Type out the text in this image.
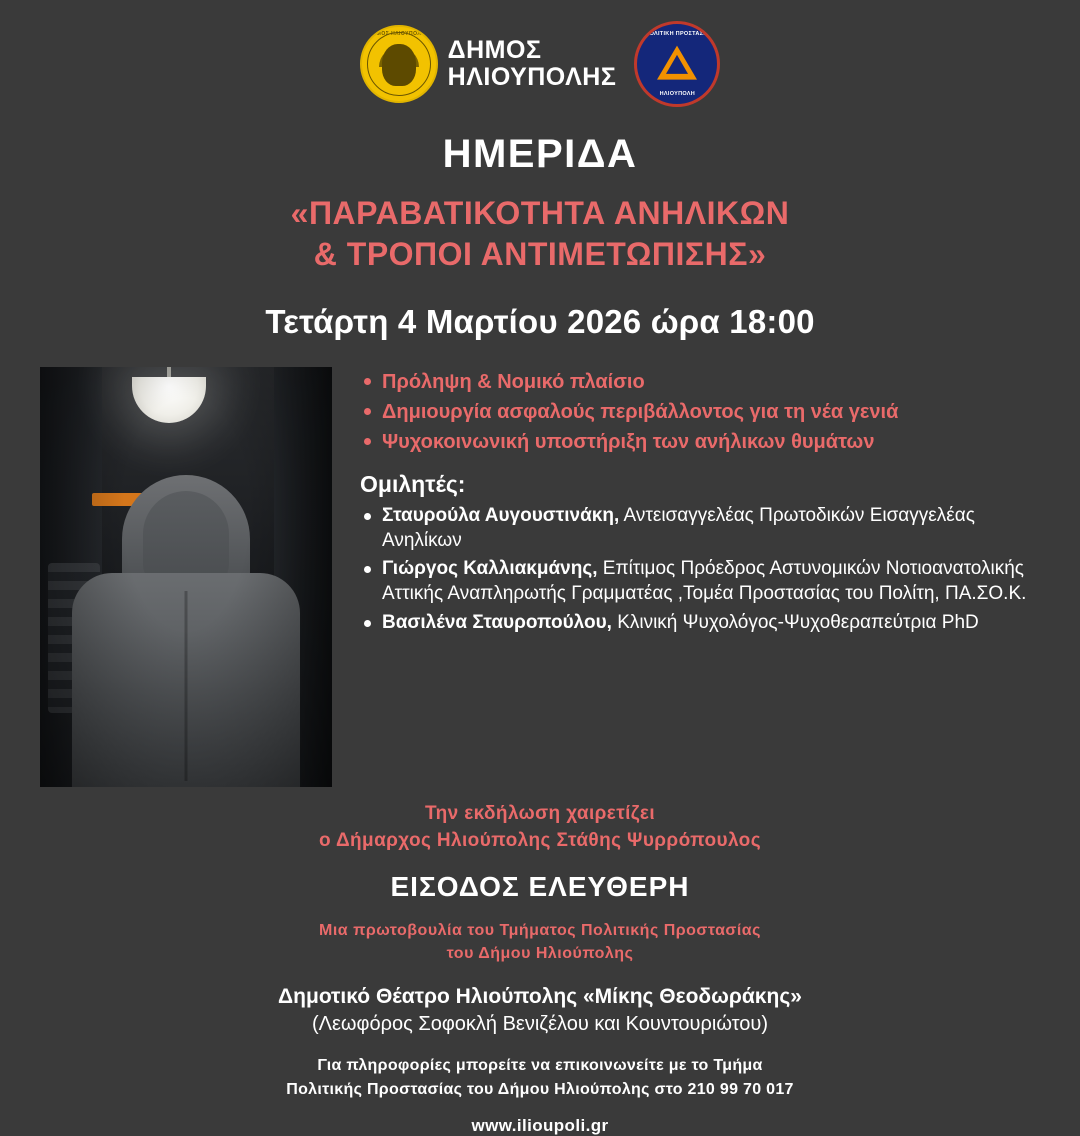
ΔΗΜΟΣ ΗΛΙΟΥΠΟΛΗΣ
ΔΗΜΟΣ
ΗΛΙΟΥΠΟΛΗΣ
ΠΟΛΙΤΙΚΗ ΠΡΟΣΤΑΣΙΑ
ΗΛΙΟΥΠΟΛΗ
ΗΜΕΡΙΔΑ
«ΠΑΡΑΒΑΤΙΚΟΤΗΤΑ ΑΝΗΛΙΚΩΝ
& ΤΡΟΠΟΙ ΑΝΤΙΜΕΤΩΠΙΣΗΣ»
Τετάρτη 4 Μαρτίου 2026 ώρα 18:00
Πρόληψη & Νομικό πλαίσιο
Δημιουργία ασφαλούς περιβάλλοντος για τη νέα γενιά
Ψυχοκοινωνική υποστήριξη των ανήλικων θυμάτων
Ομιλητές:
Σταυρούλα Αυγουστινάκη, Αντεισαγγελέας Πρωτοδικών Εισαγγελέας Ανηλίκων
Γιώργος Καλλιακμάνης, Επίτιμος Πρόεδρος Αστυνομικών Νοτιοανατολικής Αττικής Αναπληρωτής Γραμματέας ,Τομέα Προστασίας του Πολίτη, ΠΑ.ΣΟ.Κ.
Βασιλένα Σταυροπούλου, Κλινική Ψυχολόγος-Ψυχοθεραπεύτρια PhD
Την εκδήλωση χαιρετίζει
ο Δήμαρχος Ηλιούπολης Στάθης Ψυρρόπουλος
ΕΙΣΟΔΟΣ ΕΛΕΥΘΕΡΗ
Μια πρωτοβουλία του Τμήματος Πολιτικής Προστασίας
του Δήμου Ηλιούπολης
Δημοτικό Θέατρο Ηλιούπολης «Μίκης Θεοδωράκης»
(Λεωφόρος Σοφοκλή Βενιζέλου και Κουντουριώτου)
Για πληροφορίες μπορείτε να επικοινωνείτε με το Τμήμα
Πολιτικής Προστασίας του Δήμου Ηλιούπολης στο 210 99 70 017
www.ilioupoli.gr
